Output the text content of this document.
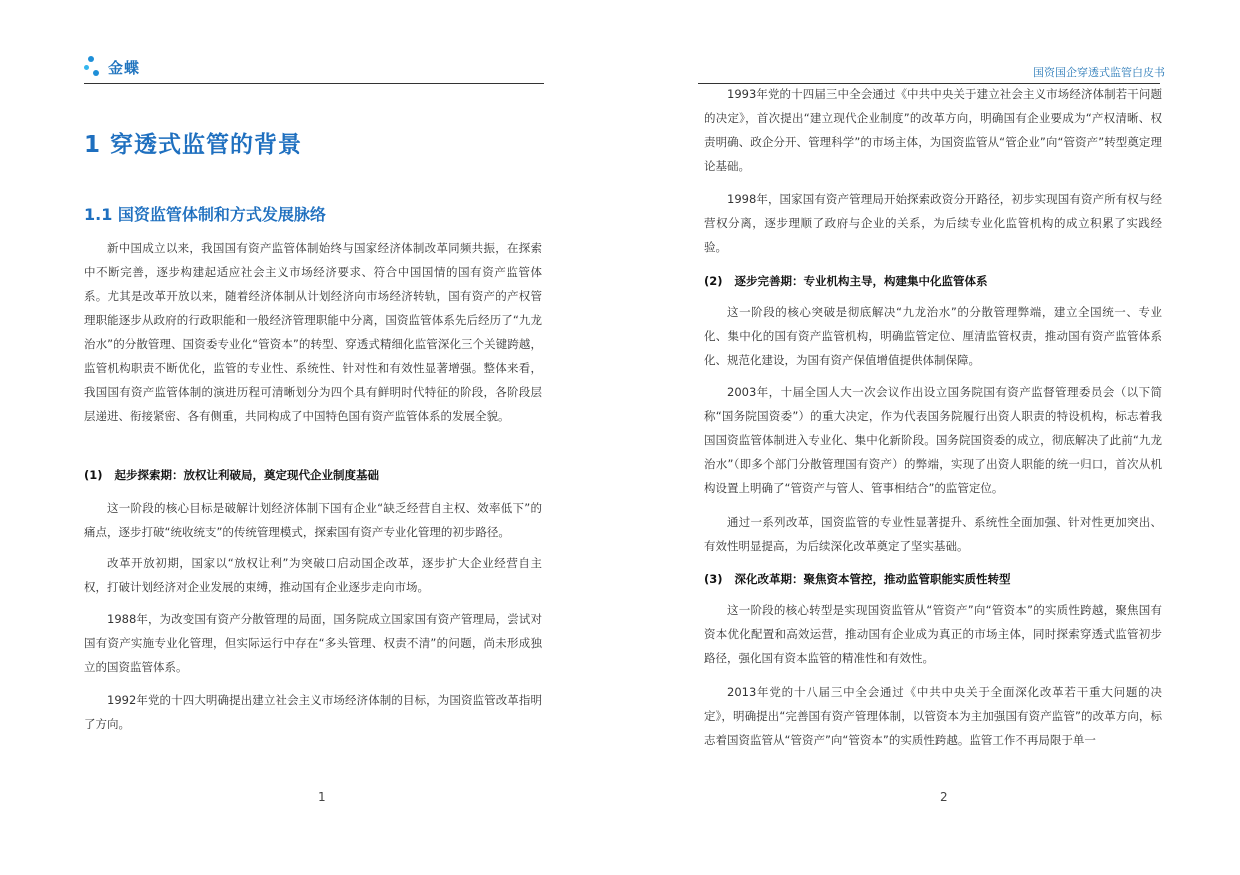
金蝶
1 穿透式监管的背景
1.1 国资监管体制和方式发展脉络

新中国成立以来，我国国有资产监管体制始终与国家经济体制改革同频共振，在探索中不断完善，逐步构建起适应社会主义市场经济要求、符合中国国情的国有资产监管体系。尤其是改革开放以来，随着经济体制从计划经济向市场经济转轨，国有资产的产权管理职能逐步从政府的行政职能和一般经济管理职能中分离，国资监管体系先后经历了“九龙治水”的分散管理、国资委专业化“管资本”的转型、穿透式精细化监管深化三个关键跨越，监管机构职责不断优化，监管的专业性、系统性、针对性和有效性显著增强。整体来看，我国国有资产监管体制的演进历程可清晰划分为四个具有鲜明时代特征的阶段，各阶段层层递进、衔接紧密、各有侧重，共同构成了中国特色国有资产监管体系的发展全貌。

(1) 起步探索期：放权让利破局，奠定现代企业制度基础

这一阶段的核心目标是破解计划经济体制下国有企业“缺乏经营自主权、效率低下”的痛点，逐步打破“统收统支”的传统管理模式，探索国有资产专业化管理的初步路径。

改革开放初期，国家以“放权让利”为突破口启动国企改革，逐步扩大企业经营自主权，打破计划经济对企业发展的束缚，推动国有企业逐步走向市场。

1988年，为改变国有资产分散管理的局面，国务院成立国家国有资产管理局，尝试对国有资产实施专业化管理，但实际运行中存在“多头管理、权责不清”的问题，尚未形成独立的国资监管体系。

1992年党的十四大明确提出建立社会主义市场经济体制的目标，为国资监管改革指明了方向。

1
国资国企穿透式监管白皮书

1993年党的十四届三中全会通过《中共中央关于建立社会主义市场经济体制若干问题的决定》，首次提出“建立现代企业制度”的改革方向，明确国有企业要成为“产权清晰、权责明确、政企分开、管理科学”的市场主体，为国资监管从“管企业”向“管资产”转型奠定理论基础。

1998年，国家国有资产管理局开始探索政资分开路径，初步实现国有资产所有权与经营权分离，逐步理顺了政府与企业的关系，为后续专业化监管机构的成立积累了实践经验。

(2) 逐步完善期：专业机构主导，构建集中化监管体系

这一阶段的核心突破是彻底解决“九龙治水”的分散管理弊端，建立全国统一、专业化、集中化的国有资产监管机构，明确监管定位、厘清监管权责，推动国有资产监管体系化、规范化建设，为国有资产保值增值提供体制保障。

2003年，十届全国人大一次会议作出设立国务院国有资产监督管理委员会（以下简称“国务院国资委”）的重大决定，作为代表国务院履行出资人职责的特设机构，标志着我国国资监管体制进入专业化、集中化新阶段。国务院国资委的成立，彻底解决了此前“九龙治水”（即多个部门分散管理国有资产）的弊端，实现了出资人职能的统一归口，首次从机构设置上明确了“管资产与管人、管事相结合”的监管定位。

通过一系列改革，国资监管的专业性显著提升、系统性全面加强、针对性更加突出、有效性明显提高，为后续深化改革奠定了坚实基础。

(3) 深化改革期：聚焦资本管控，推动监管职能实质性转型

这一阶段的核心转型是实现国资监管从“管资产”向“管资本”的实质性跨越，聚焦国有资本优化配置和高效运营，推动国有企业成为真正的市场主体，同时探索穿透式监管初步路径，强化国有资本监管的精准性和有效性。

2013年党的十八届三中全会通过《中共中央关于全面深化改革若干重大问题的决定》，明确提出“完善国有资产管理体制，以管资本为主加强国有资产监管”的改革方向，标志着国资监管从“管资产”向“管资本”的实质性跨越。监管工作不再局限于单一

2
